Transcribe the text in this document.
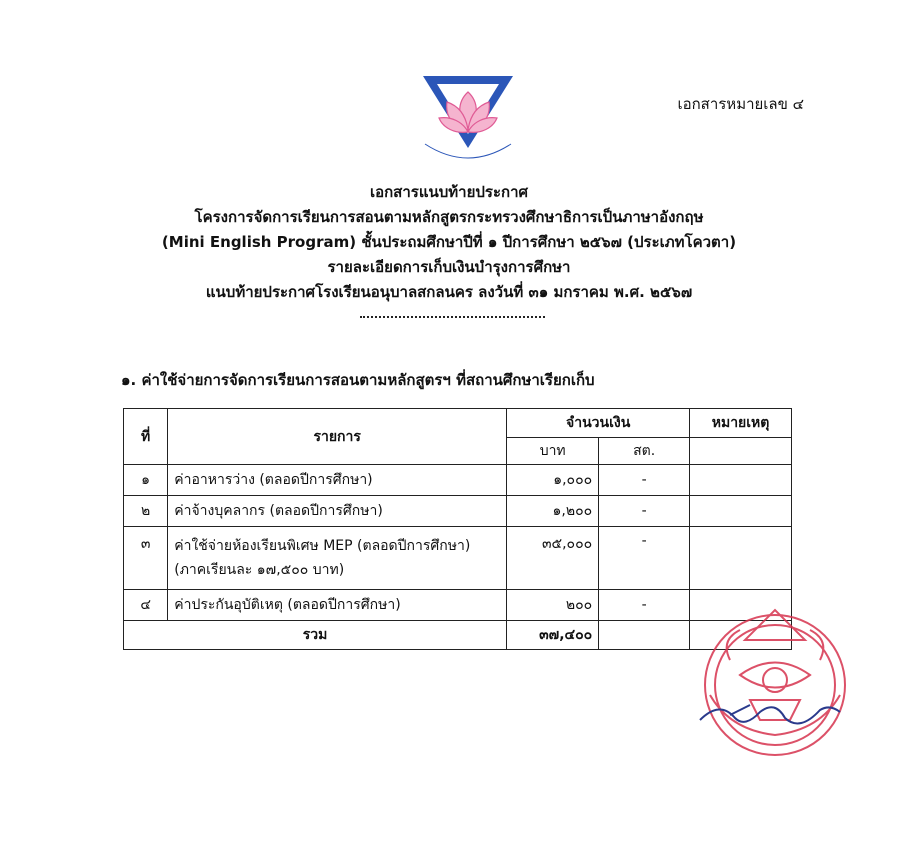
เอกสารหมายเลข ๔
เอกสารแนบท้ายประกาศ
โครงการจัดการเรียนการสอนตามหลักสูตรกระทรวงศึกษาธิการเป็นภาษาอังกฤษ
(Mini English Program) ชั้นประถมศึกษาปีที่ ๑ ปีการศึกษา ๒๕๖๗ (ประเภทโควตา)
รายละเอียดการเก็บเงินบำรุงการศึกษา
แนบท้ายประกาศโรงเรียนอนุบาลสกลนคร ลงวันที่ ๓๑ มกราคม พ.ศ. ๒๕๖๗
๑. ค่าใช้จ่ายการจัดการเรียนการสอนตามหลักสูตรฯ ที่สถานศึกษาเรียกเก็บ
ที่	รายการ	จำนวนเงิน		หมายเหตุ
		บาท	สต.	
๑	ค่าอาหารว่าง (ตลอดปีการศึกษา)	๑,๐๐๐	-	
๒	ค่าจ้างบุคลากร (ตลอดปีการศึกษา)	๑,๒๐๐	-	
๓	ค่าใช้จ่ายห้องเรียนพิเศษ MEP (ตลอดปีการศึกษา)
(ภาคเรียนละ ๑๗,๕๐๐ บาท)	๓๕,๐๐๐	-	
๔	ค่าประกันอุบัติเหตุ (ตลอดปีการศึกษา)	๒๐๐	-	
รวม		๓๗,๔๐๐		
